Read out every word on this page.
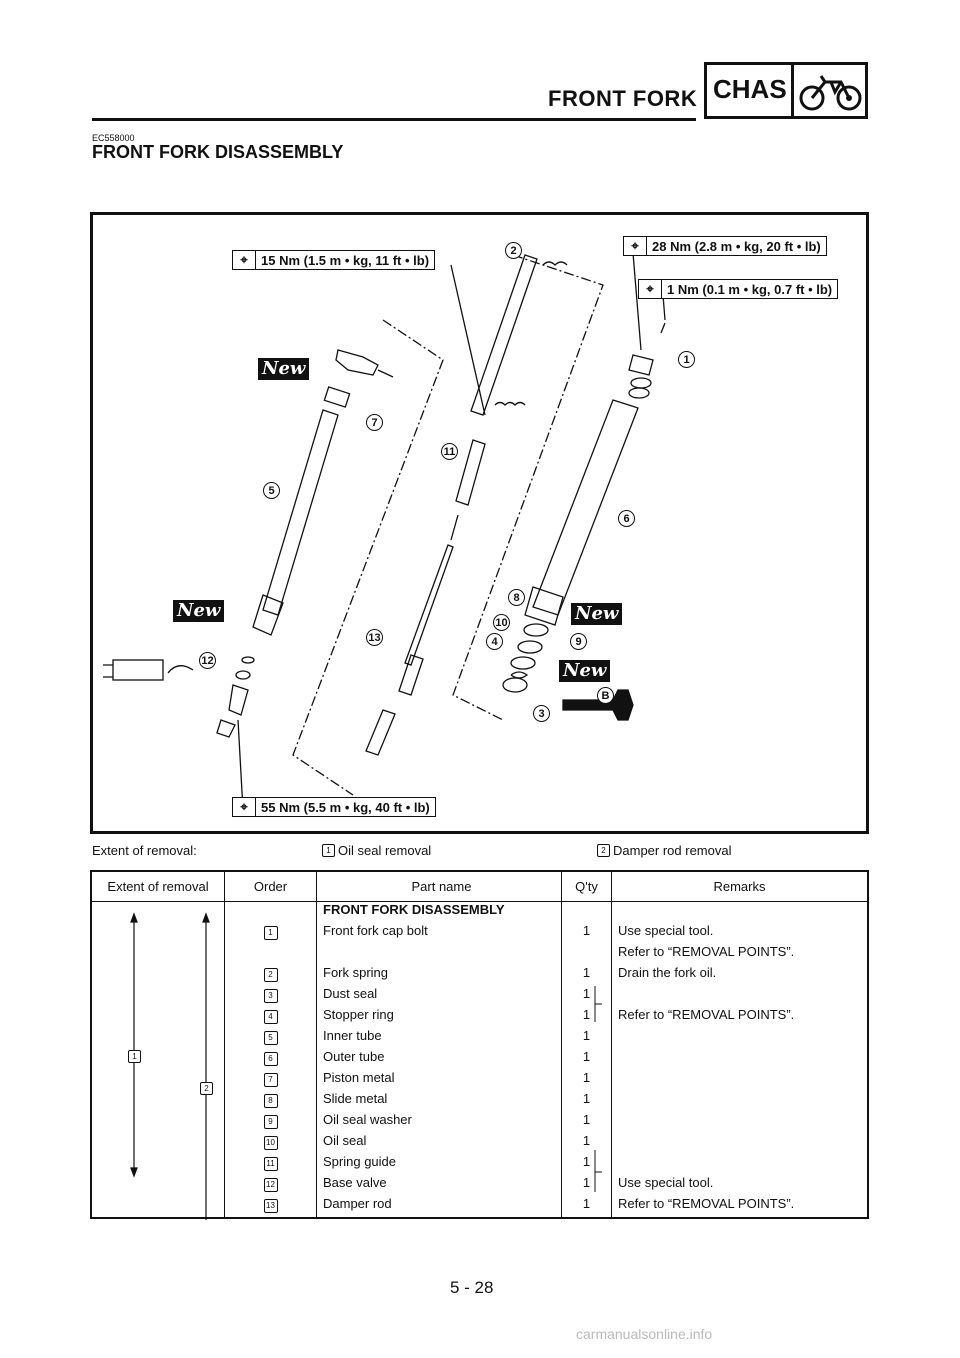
FRONT FORK CHAS
EC558000
FRONT FORK DISASSEMBLY
⌖	15 Nm (1.5 m • kg, 11 ft • lb)
⌖	28 Nm (2.8 m • kg, 20 ft • lb)
⌖	1 Nm (0.1 m • kg, 0.7 ft • lb)
⌖	55 Nm (5.5 m • kg, 40 ft • lb)
New
New	New
New
B
1
2
3
4
5
6
7
8
9
10
11
12
13
Extent of removal:	1 Oil seal removal	2 Damper rod removal
Extent of removal	Order	Part name	Q'ty	Remarks

1
2		FRONT FORK DISASSEMBLY		
	1	Front fork cap bolt	1	Use special tool.
				Refer to “REMOVAL POINTS”.
	2	Fork spring	1	Drain the fork oil.
	3	Dust seal	1	
	4	Stopper ring	1	Refer to “REMOVAL POINTS”.
	5	Inner tube	1	
	6	Outer tube	1	
	7	Piston metal	1	
	8	Slide metal	1	
	9	Oil seal washer	1	
	10	Oil seal	1	
	11	Spring guide	1	
	12	Base valve	1	Use special tool.
	13	Damper rod	1	Refer to “REMOVAL POINTS”.
5 - 28
carmanualsonline.info
